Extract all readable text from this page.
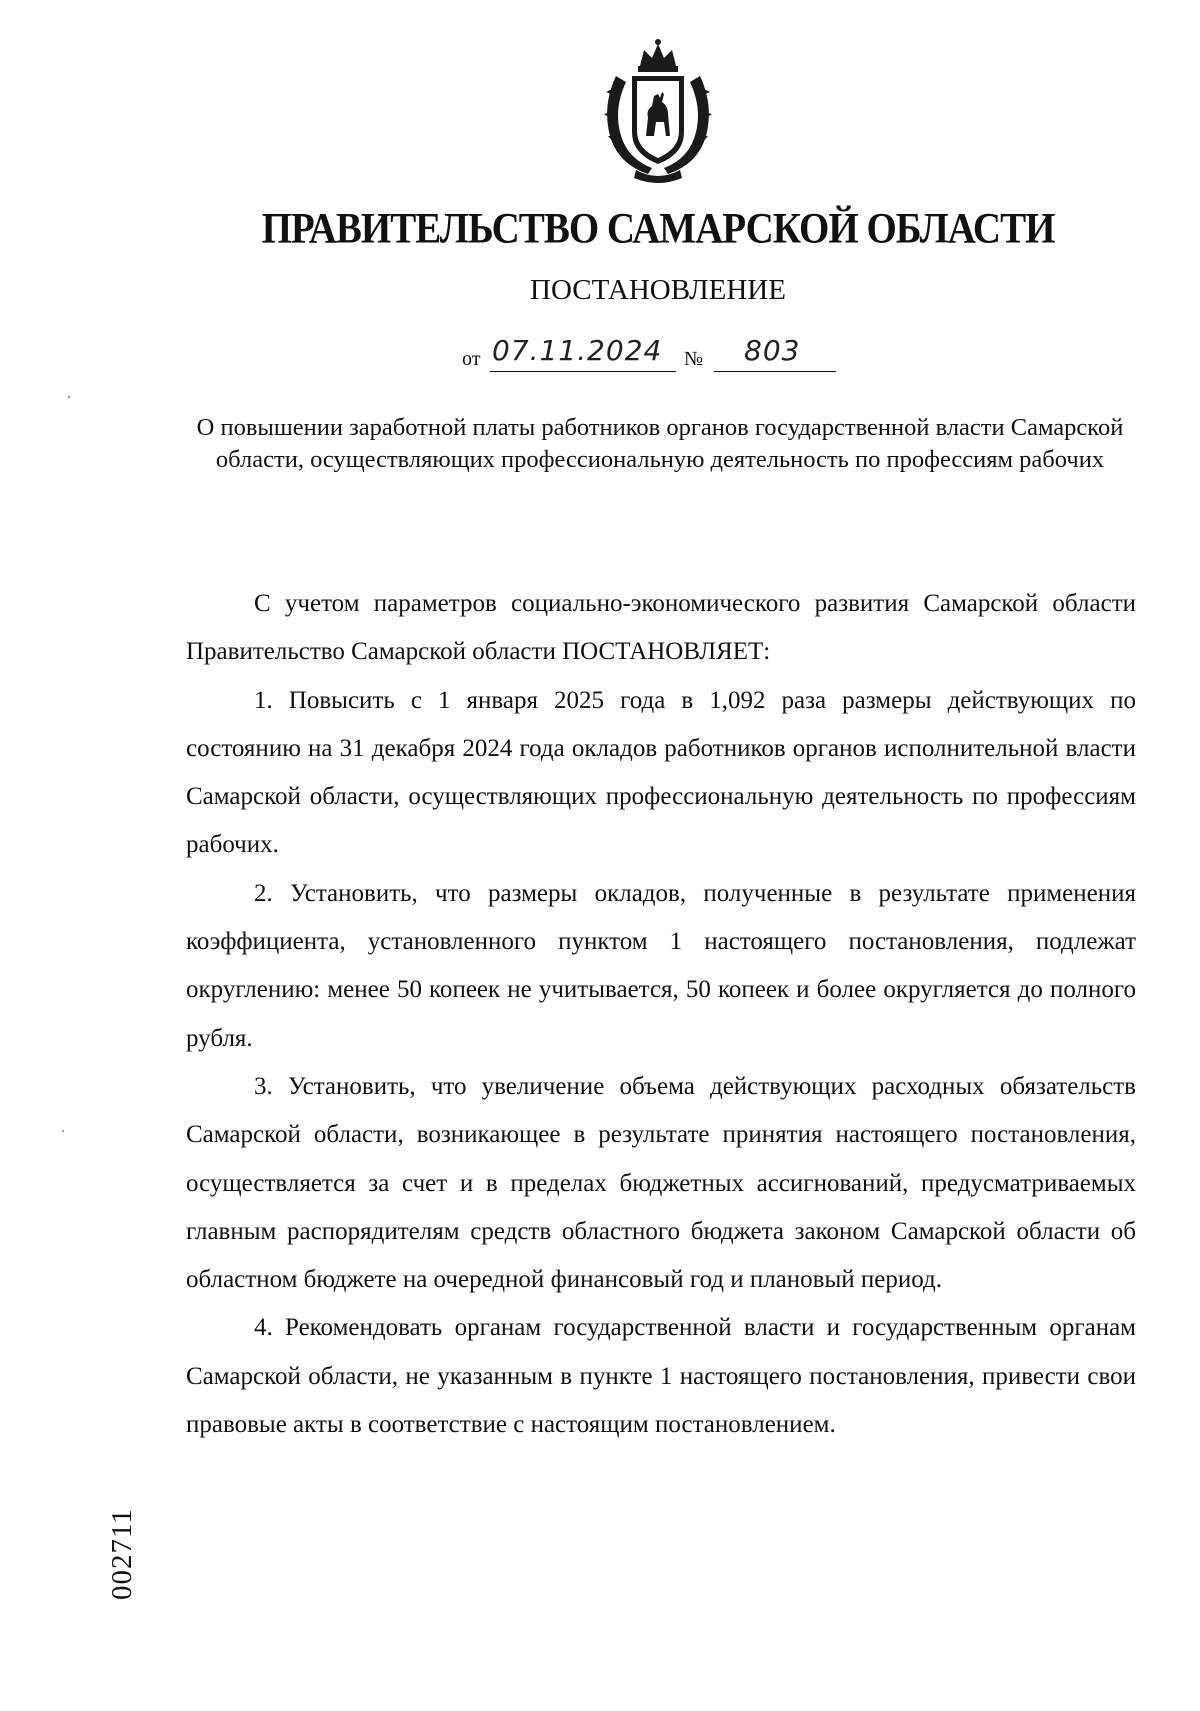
ПРАВИТЕЛЬСТВО САМАРСКОЙ ОБЛАСТИ
ПОСТАНОВЛЕНИЕ
от 07.11.2024 № 803
О повышении заработной платы работников органов государственной власти Самарской области, осуществляющих профессиональную деятельность по профессиям рабочих

С учетом параметров социально-экономического развития Самарской области Правительство Самарской области ПОСТАНОВЛЯЕТ:

1. Повысить с 1 января 2025 года в 1,092 раза размеры действующих по состоянию на 31 декабря 2024 года окладов работников органов исполнительной власти Самарской области, осуществляющих профессиональную деятельность по профессиям рабочих.

2. Установить, что размеры окладов, полученные в результате применения коэффициента, установленного пунктом 1 настоящего постановления, подлежат округлению: менее 50 копеек не учитывается, 50 копеек и более округляется до полного рубля.

3. Установить, что увеличение объема действующих расходных обязательств Самарской области, возникающее в результате принятия настоящего постановления, осуществляется за счет и в пределах бюджетных ассигнований, предусматриваемых главным распорядителям средств областного бюджета законом Самарской области об областном бюджете на очередной финансовый год и плановый период.

4. Рекомендовать органам государственной власти и государственным органам Самарской области, не указанным в пункте 1 настоящего постановления, привести свои правовые акты в соответствие с настоящим постановлением.

002711
